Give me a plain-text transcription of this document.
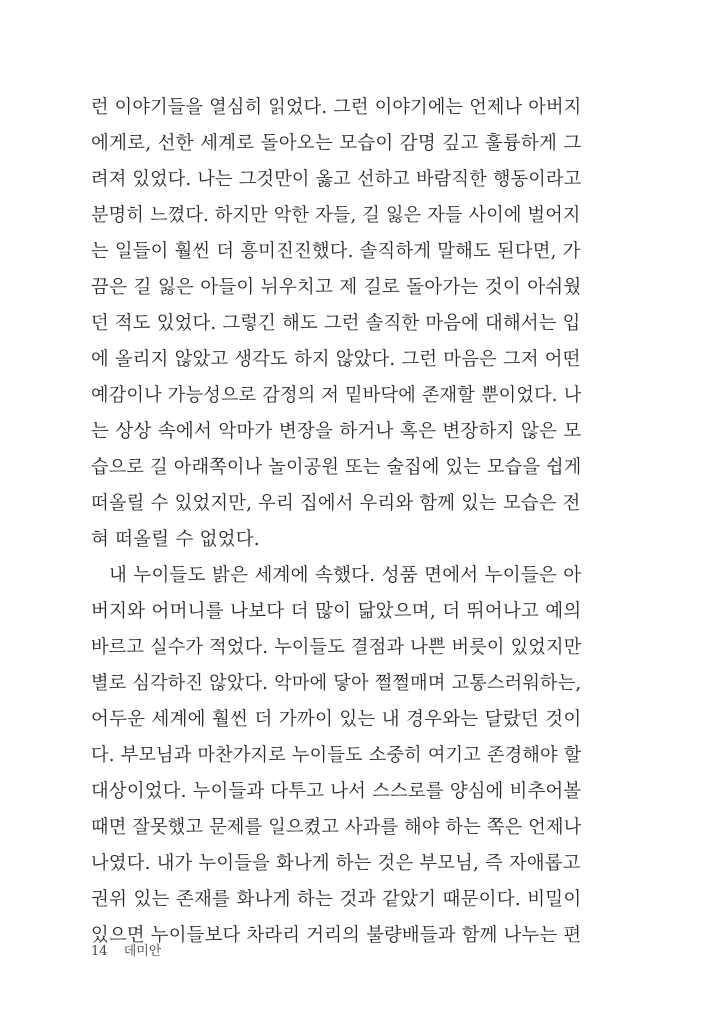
런 이야기들을 열심히 읽었다. 그런 이야기에는 언제나 아버지
에게로, 선한 세계로 돌아오는 모습이 감명 깊고 훌륭하게 그
려져 있었다. 나는 그것만이 옳고 선하고 바람직한 행동이라고
분명히 느꼈다. 하지만 악한 자들, 길 잃은 자들 사이에 벌어지
는 일들이 훨씬 더 흥미진진했다. 솔직하게 말해도 된다면, 가
끔은 길 잃은 아들이 뉘우치고 제 길로 돌아가는 것이 아쉬웠
던 적도 있었다. 그렇긴 해도 그런 솔직한 마음에 대해서는 입
에 올리지 않았고 생각도 하지 않았다. 그런 마음은 그저 어떤
예감이나 가능성으로 감정의 저 밑바닥에 존재할 뿐이었다. 나
는 상상 속에서 악마가 변장을 하거나 혹은 변장하지 않은 모
습으로 길 아래쪽이나 놀이공원 또는 술집에 있는 모습을 쉽게
떠올릴 수 있었지만, 우리 집에서 우리와 함께 있는 모습은 전
혀 떠올릴 수 없었다.
내 누이들도 밝은 세계에 속했다. 성품 면에서 누이들은 아
버지와 어머니를 나보다 더 많이 닮았으며, 더 뛰어나고 예의
바르고 실수가 적었다. 누이들도 결점과 나쁜 버릇이 있었지만
별로 심각하진 않았다. 악마에 닿아 쩔쩔매며 고통스러워하는,
어두운 세계에 훨씬 더 가까이 있는 내 경우와는 달랐던 것이
다. 부모님과 마찬가지로 누이들도 소중히 여기고 존경해야 할
대상이었다. 누이들과 다투고 나서 스스로를 양심에 비추어볼
때면 잘못했고 문제를 일으켰고 사과를 해야 하는 쪽은 언제나
나였다. 내가 누이들을 화나게 하는 것은 부모님, 즉 자애롭고
권위 있는 존재를 화나게 하는 것과 같았기 때문이다. 비밀이
있으면 누이들보다 차라리 거리의 불량배들과 함께 나누는 편
14 데미안
